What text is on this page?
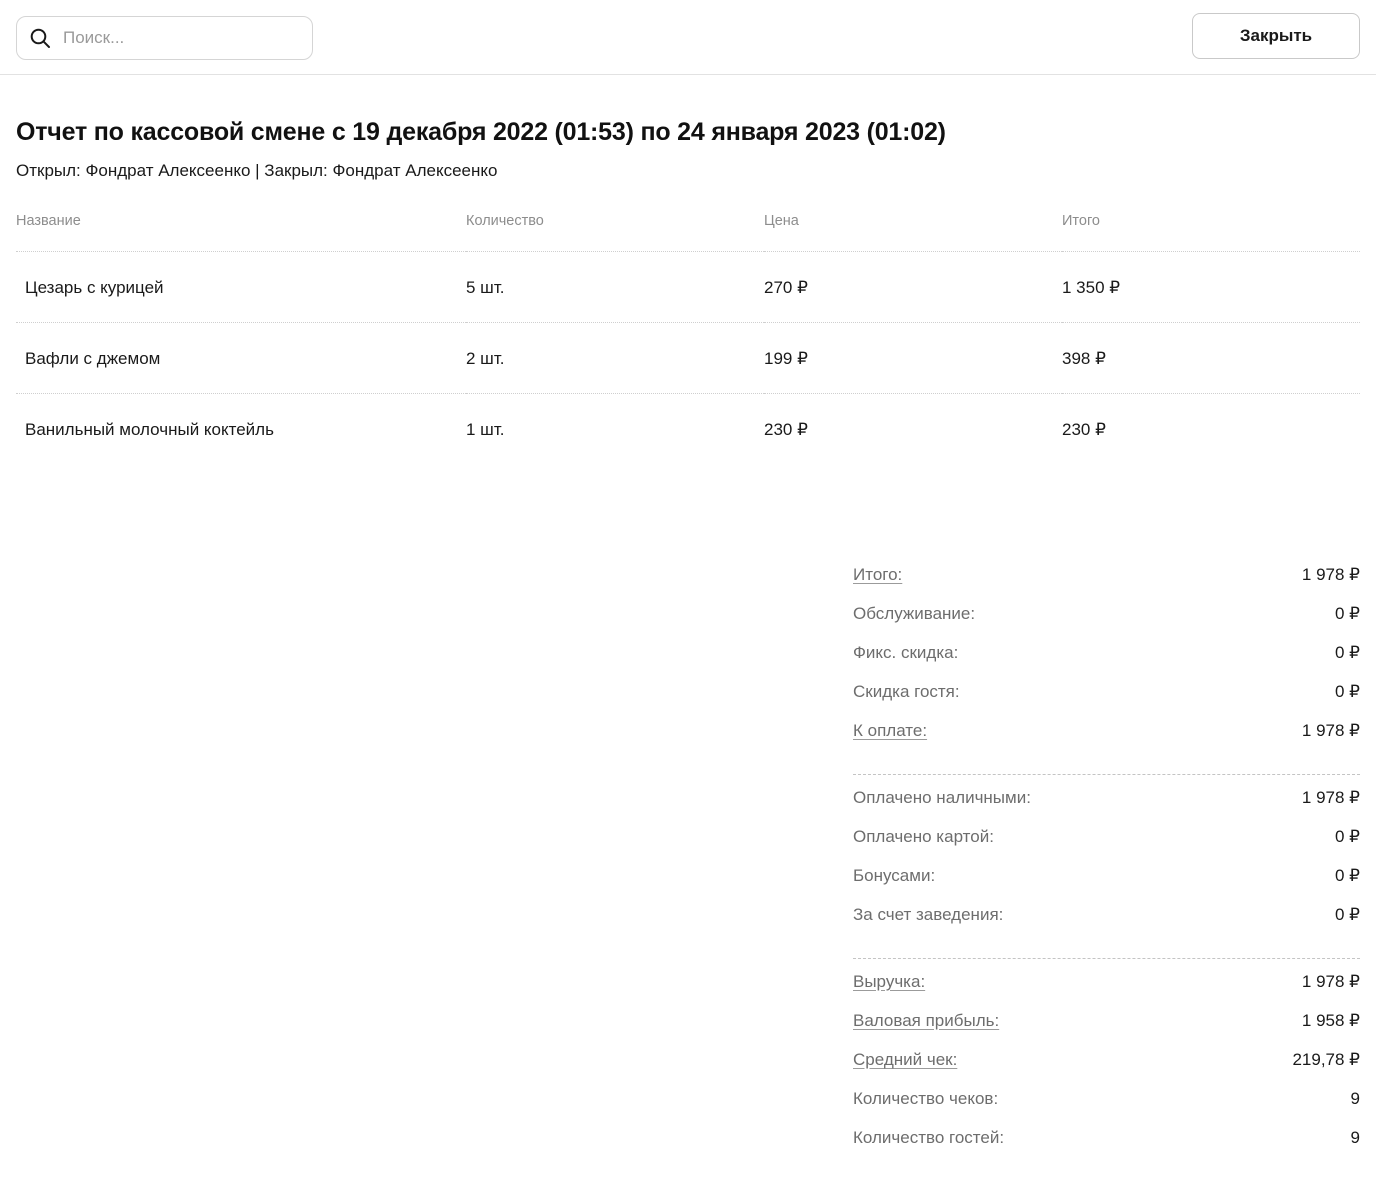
Поиск...
Закрыть
Отчет по кассовой смене с 19 декабря 2022 (01:53) по 24 января 2023 (01:02)
Открыл: Фондрат Алексеенко | Закрыл: Фондрат Алексеенко
Название	Количество	Цена	Итого
Цезарь с курицей	5 шт.	270 ₽	1 350 ₽
Вафли с джемом	2 шт.	199 ₽	398 ₽
Ванильный молочный коктейль	1 шт.	230 ₽	230 ₽
Итого:	1 978 ₽
Обслуживание:	0 ₽
Фикс. скидка:	0 ₽
Скидка гостя:	0 ₽
К оплате:	1 978 ₽
Оплачено наличными:	1 978 ₽
Оплачено картой:	0 ₽
Бонусами:	0 ₽
За счет заведения:	0 ₽
Выручка:	1 978 ₽
Валовая прибыль:	1 958 ₽
Средний чек:	219,78 ₽
Количество чеков:	9
Количество гостей:	9
